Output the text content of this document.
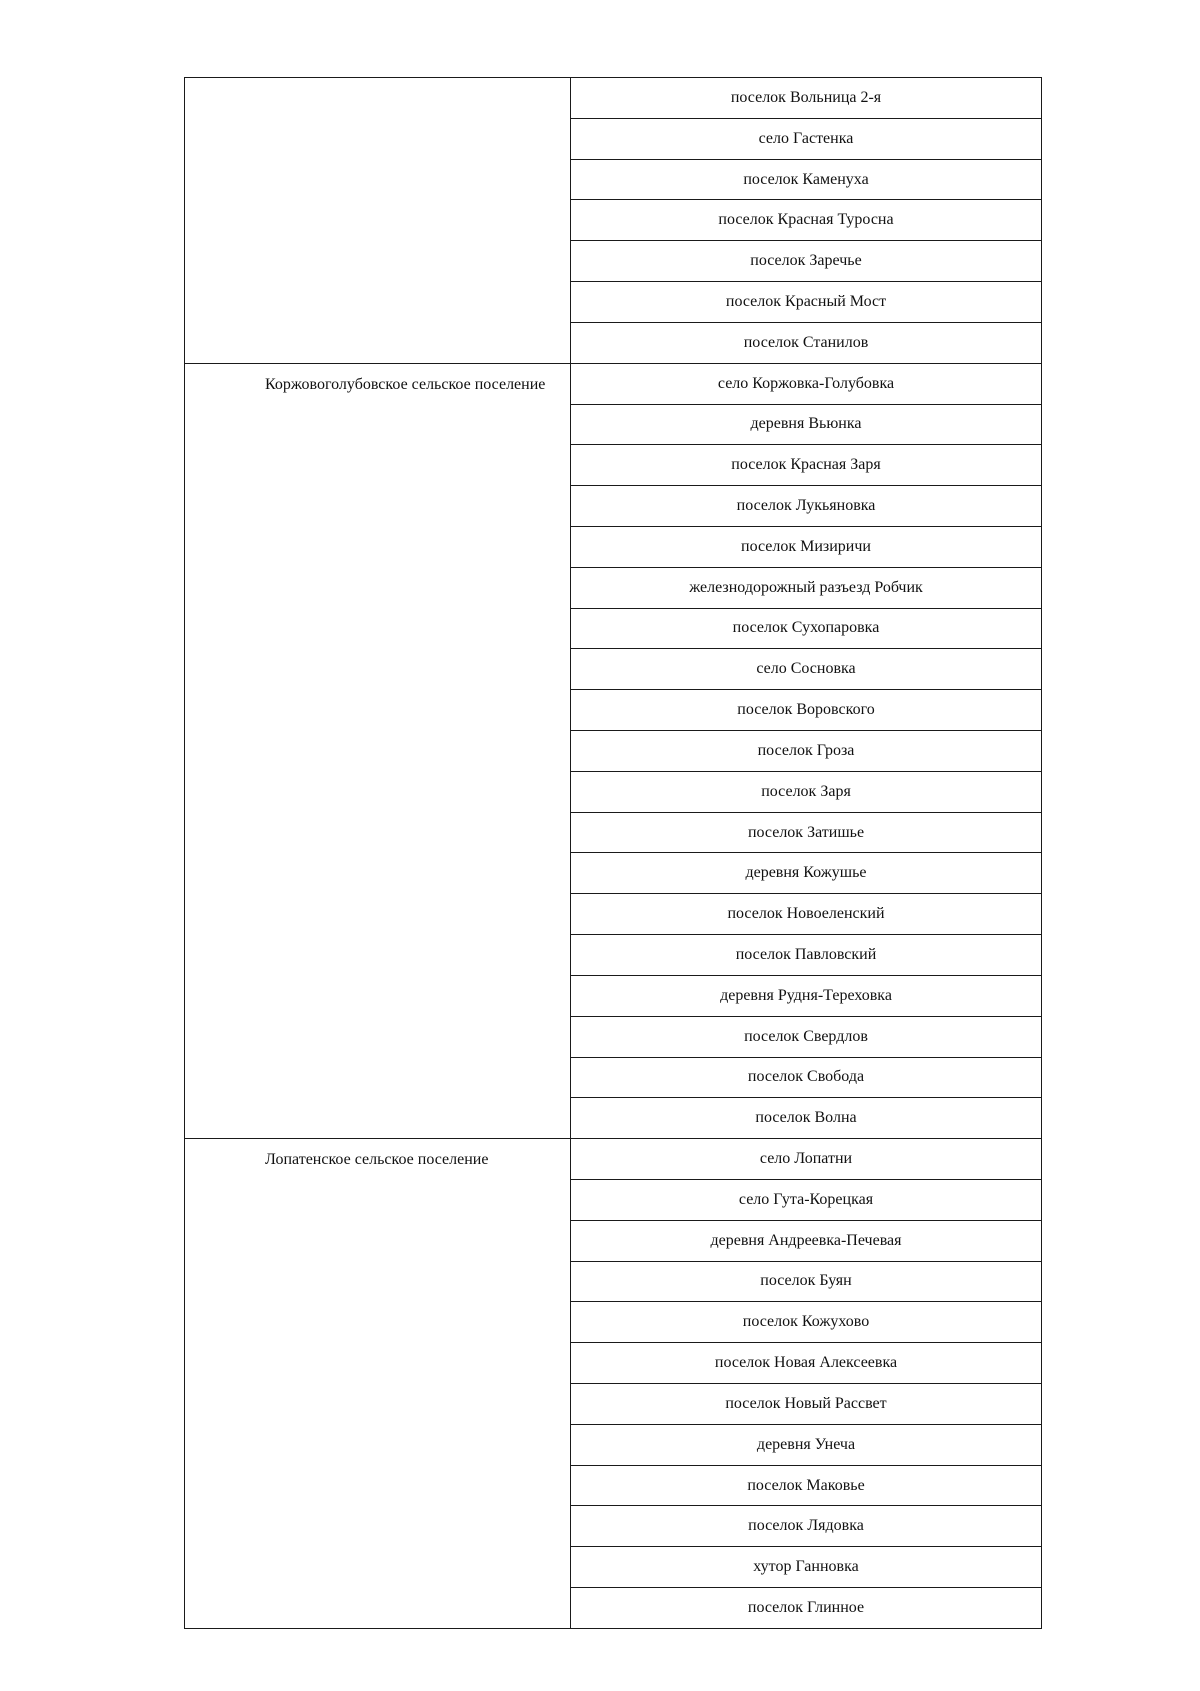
	поселок Вольница 2-я
	село Гастенка
	поселок Каменуха
	поселок Красная Туросна
	поселок Заречье
	поселок Красный Мост
	поселок Станилов

Коржовоголубовское сельское поселение	село Коржовка-Голубовка
	деревня Вьюнка
	поселок Красная Заря
	поселок Лукьяновка
	поселок Мизиричи
	железнодорожный разъезд Робчик
	поселок Сухопаровка
	село Сосновка
	поселок Воровского
	поселок Гроза
	поселок Заря
	поселок Затишье
	деревня Кожушье
	поселок Новоеленский
	поселок Павловский
	деревня Рудня-Тереховка
	поселок Свердлов
	поселок Свобода
	поселок Волна

Лопатенское сельское поселение	село Лопатни
	село Гута-Корецкая
	деревня Андреевка-Печевая
	поселок Буян
	поселок Кожухово
	поселок Новая Алексеевка
	поселок Новый Рассвет
	деревня Унеча
	поселок Маковье
	поселок Лядовка
	хутор Ганновка
	поселок Глинное
